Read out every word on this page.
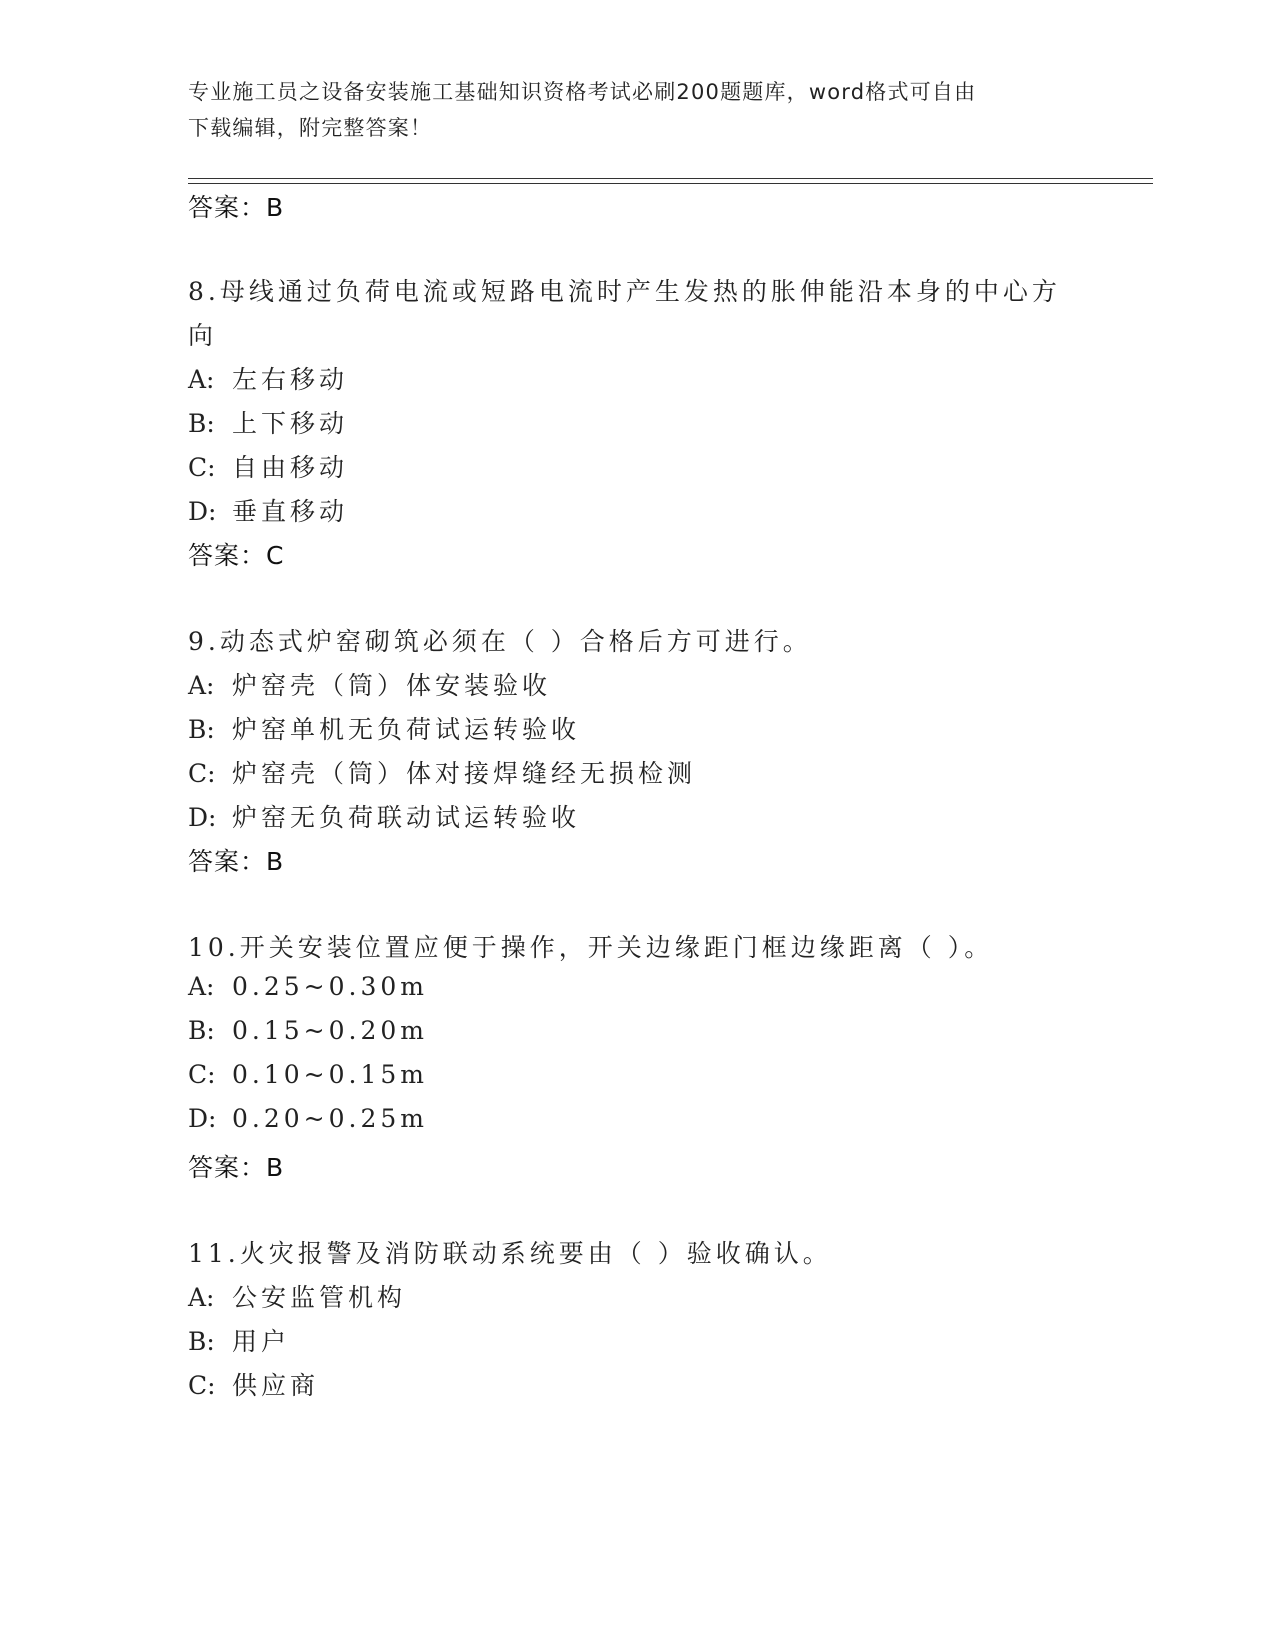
专业施工员之设备安装施工基础知识资格考试必刷200题题库，word格式可自由
下载编辑，附完整答案！
答案：B
8.母线通过负荷电流或短路电流时产生发热的胀伸能沿本身的中心方
向
A: 左右移动
B: 上下移动
C: 自由移动
D: 垂直移动
答案：C
9.动态式炉窑砌筑必须在（ ）合格后方可进行。
A: 炉窑壳（筒）体安装验收
B: 炉窑单机无负荷试运转验收
C: 炉窑壳（筒）体对接焊缝经无损检测
D: 炉窑无负荷联动试运转验收
答案：B
10.开关安装位置应便于操作，开关边缘距门框边缘距离（ ）。
A: 0.25~0.30m
B: 0.15~0.20m
C: 0.10~0.15m
D: 0.20~0.25m
答案：B
11.火灾报警及消防联动系统要由（ ）验收确认。
A: 公安监管机构
B: 用户
C: 供应商
